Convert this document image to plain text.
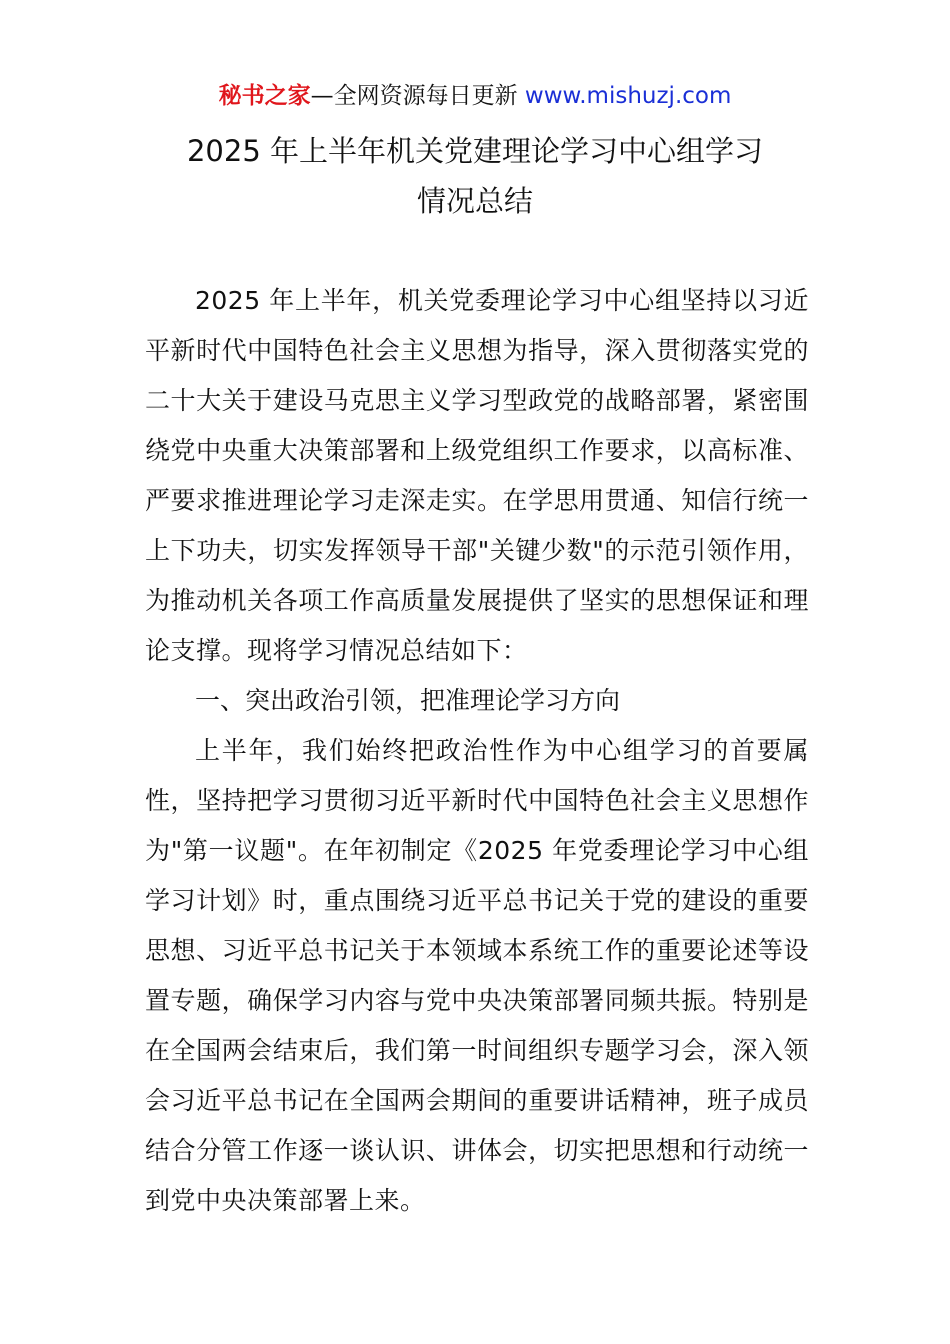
秘书之家—全网资源每日更新 www.mishuzj.com
2025 年上半年机关党建理论学习中心组学习
情况总结

2025 年上半年，机关党委理论学习中心组坚持以习近平新时代中国特色社会主义思想为指导，深入贯彻落实党的二十大关于建设马克思主义学习型政党的战略部署，紧密围绕党中央重大决策部署和上级党组织工作要求，以高标准、严要求推进理论学习走深走实。在学思用贯通、知信行统一上下功夫，切实发挥领导干部"关键少数"的示范引领作用，为推动机关各项工作高质量发展提供了坚实的思想保证和理论支撑。现将学习情况总结如下：

一、突出政治引领，把准理论学习方向

上半年，我们始终把政治性作为中心组学习的首要属性，坚持把学习贯彻习近平新时代中国特色社会主义思想作为"第一议题"。在年初制定《2025 年党委理论学习中心组学习计划》时，重点围绕习近平总书记关于党的建设的重要思想、习近平总书记关于本领域本系统工作的重要论述等设置专题，确保学习内容与党中央决策部署同频共振。特别是在全国两会结束后，我们第一时间组织专题学习会，深入领会习近平总书记在全国两会期间的重要讲话精神，班子成员结合分管工作逐一谈认识、讲体会，切实把思想和行动统一到党中央决策部署上来。
